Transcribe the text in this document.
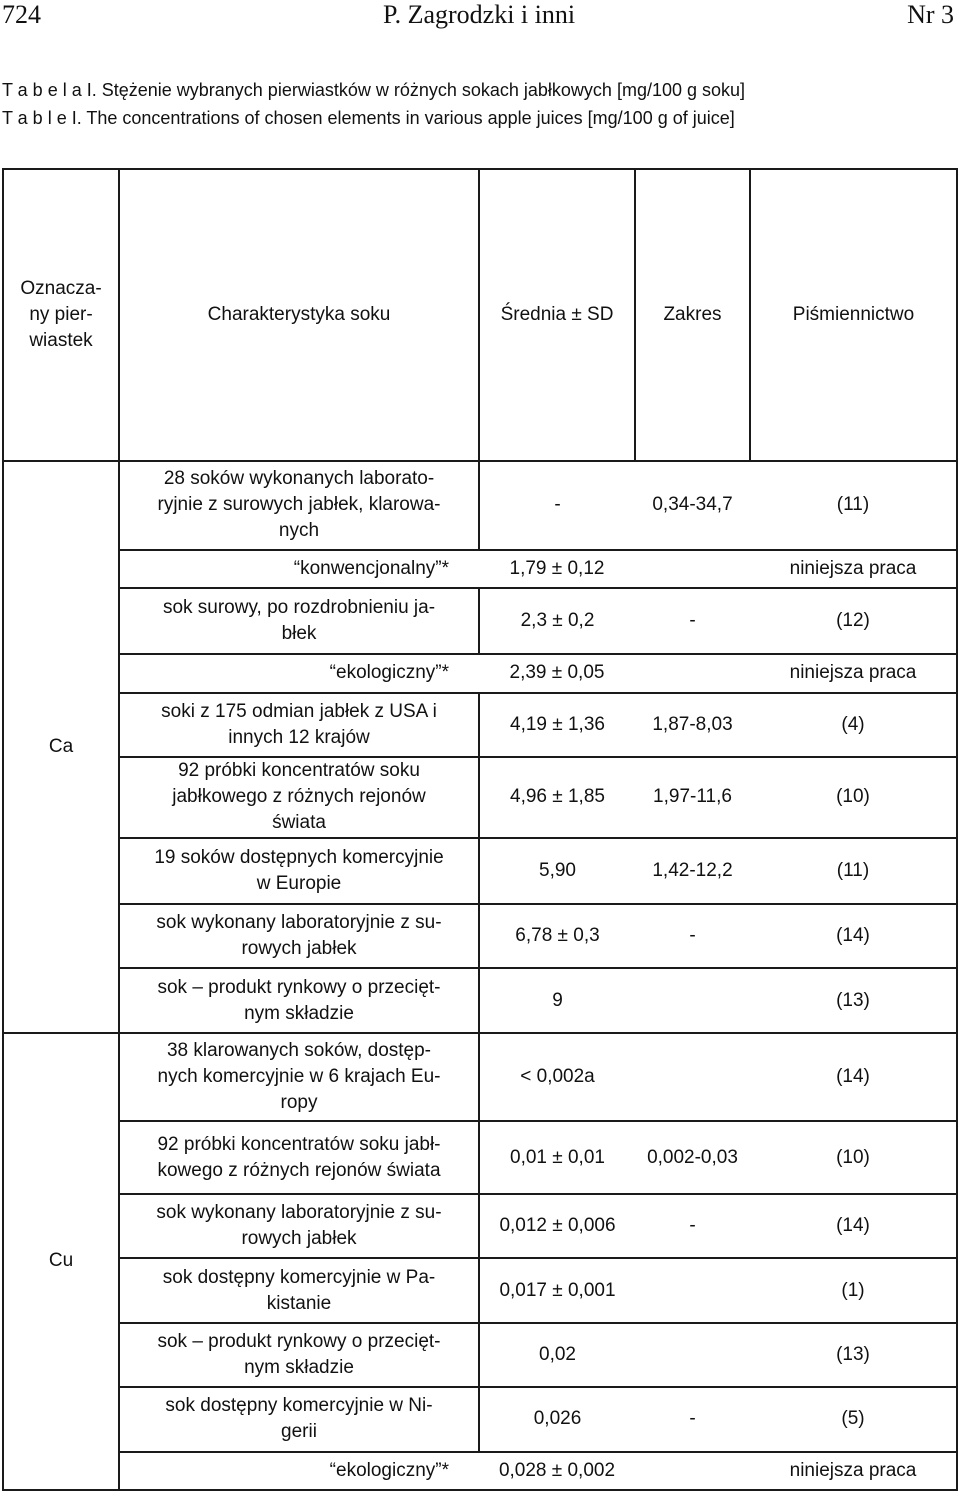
724	P. Zagrodzki i inni	Nr 3
T a b e l a I. Stężenie wybranych pierwiastków w różnych sokach jabłkowych [mg/100 g soku]
T a b l e I. The concentrations of chosen elements in various apple juices [mg/100 g of juice]
Oznacza-
ny pier-
wiastek	Charakterystyka soku	Średnia ± SD	Zakres	Piśmiennictwo
Ca	28 soków wykonanych laborato-
ryjnie z surowych jabłek, klarowa-
nych	-	0,34-34,7	(11)
	“konwencjonalny”*	1,79 ± 0,12		niniejsza praca
	sok surowy, po rozdrobnieniu ja-
błek	2,3 ± 0,2	-	(12)
	“ekologiczny”*	2,39 ± 0,05		niniejsza praca
	soki z 175 odmian jabłek z USA i
innych 12 krajów	4,19 ± 1,36	1,87-8,03	(4)
	92 próbki koncentratów soku
jabłkowego z różnych rejonów
świata	4,96 ± 1,85	1,97-11,6	(10)
	19 soków dostępnych komercyjnie
w Europie	5,90	1,42-12,2	(11)
	sok wykonany laboratoryjnie z su-
rowych jabłek	6,78 ± 0,3	-	(14)
	sok – produkt rynkowy o przecięt-
nym składzie	9		(13)
Cu	38 klarowanych soków, dostęp-
nych komercyjnie w 6 krajach Eu-
ropy	< 0,002a		(14)
	92 próbki koncentratów soku jabł-
kowego z różnych rejonów świata	0,01 ± 0,01	0,002-0,03	(10)
	sok wykonany laboratoryjnie z su-
rowych jabłek	0,012 ± 0,006	-	(14)
	sok dostępny komercyjnie w Pa-
kistanie	0,017 ± 0,001		(1)
	sok – produkt rynkowy o przecięt-
nym składzie	0,02		(13)
	sok dostępny komercyjnie w Ni-
gerii	0,026	-	(5)
	“ekologiczny”*	0,028 ± 0,002		niniejsza praca
